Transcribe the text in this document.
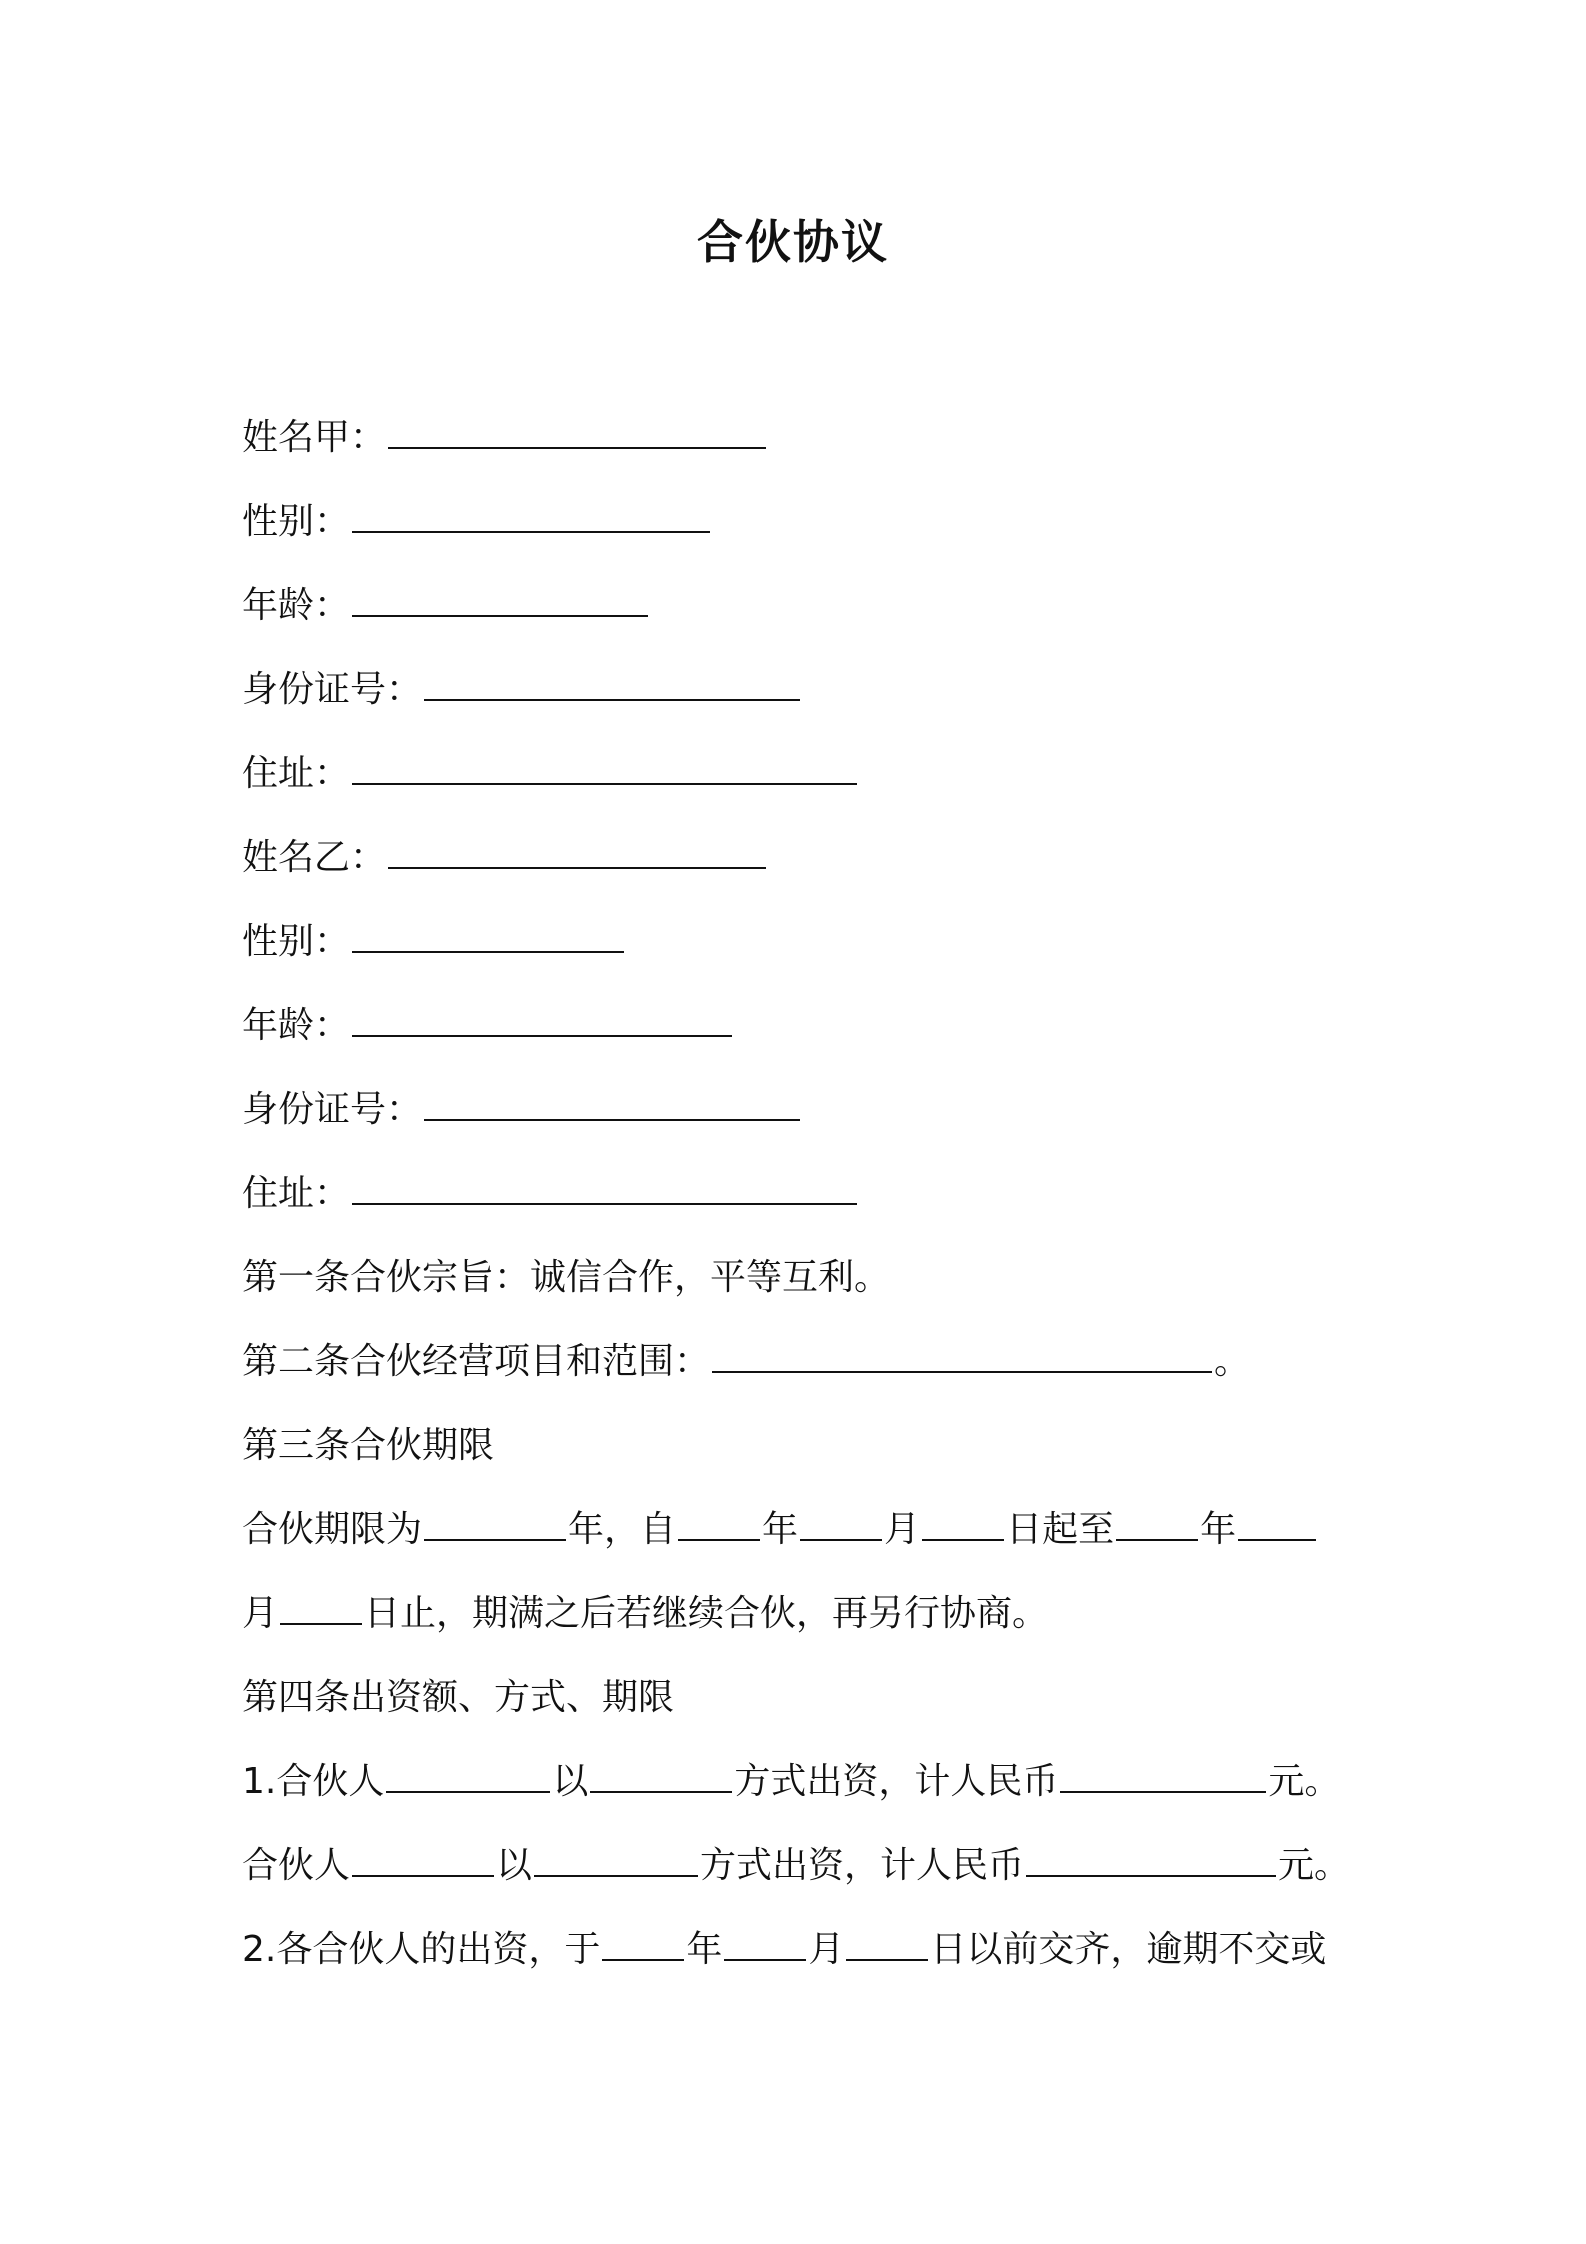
合伙协议
姓名甲：
性别：
年龄：
身份证号：
住址：
姓名乙：
性别：
年龄：
身份证号：
住址：
第一条合伙宗旨：诚信合作，平等互利。
第二条合伙经营项目和范围：	。
第三条合伙期限
合伙期限为	年，自 年 月 日起至 年
月 日止，期满之后若继续合伙，再另行协商。
第四条出资额、方式、期限
1.合伙人	以	方式出资，计人民币	元。
合伙人	以	方式出资，计人民币	元。
2.各合伙人的出资，于 年 月 日以前交齐，逾期不交或
